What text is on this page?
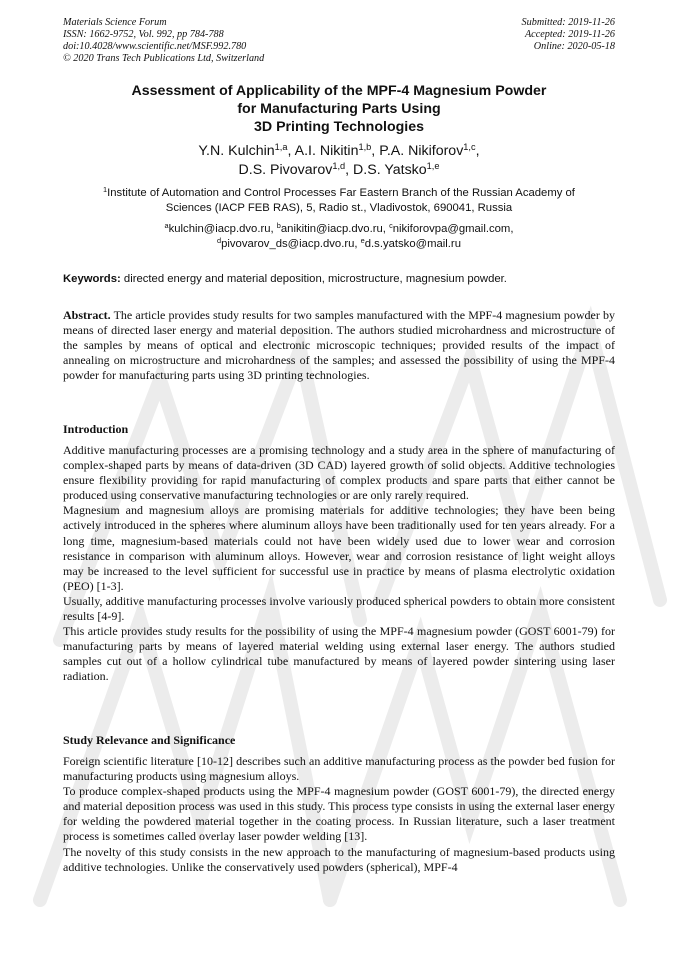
Materials Science Forum
ISSN: 1662-9752, Vol. 992, pp 784-788
doi:10.4028/www.scientific.net/MSF.992.780
© 2020 Trans Tech Publications Ltd, Switzerland
Submitted: 2019-11-26
Accepted: 2019-11-26
Online: 2020-05-18
Assessment of Applicability of the MPF-4 Magnesium Powder
for Manufacturing Parts Using
3D Printing Technologies
Y.N. Kulchin$^{1,a}$, A.I. Nikitin$^{1,b}$, P.A. Nikiforov$^{1,c}$,
D.S. Pivovarov$^{1,d}$, D.S. Yatsko$^{1,e}$
$^1$Institute of Automation and Control Processes Far Eastern Branch of the Russian Academy of
Sciences (IACP FEB RAS), 5, Radio st., Vladivostok, 690041, Russia
$^a$kulchin@iacp.dvo.ru, $^b$anikitin@iacp.dvo.ru, $^c$nikiforovpa@gmail.com,
$^d$pivovarov_ds@iacp.dvo.ru, $^e$d.s.yatsko@mail.ru
Keywords: directed energy and material deposition, microstructure, magnesium powder.

Abstract. The article provides study results for two samples manufactured with the MPF-4 magnesium powder by means of directed laser energy and material deposition. The authors studied microhardness and microstructure of the samples by means of optical and electronic microscopic techniques; provided results of the impact of annealing on microstructure and microhardness of the samples; and assessed the possibility of using the MPF-4 powder for manufacturing parts using 3D printing technologies.

Introduction

Additive manufacturing processes are a promising technology and a study area in the sphere of manufacturing of complex-shaped parts by means of data-driven (3D CAD) layered growth of solid objects. Additive technologies ensure flexibility providing for rapid manufacturing of complex products and spare parts that either cannot be produced using conservative manufacturing technologies or are only rarely required.

Magnesium and magnesium alloys are promising materials for additive technologies; they have been being actively introduced in the spheres where aluminum alloys have been traditionally used for ten years already. For a long time, magnesium-based materials could not have been widely used due to lower wear and corrosion resistance in comparison with aluminum alloys. However, wear and corrosion resistance of light weight alloys may be increased to the level sufficient for successful use in practice by means of plasma electrolytic oxidation (PEO) [1-3].

Usually, additive manufacturing processes involve variously produced spherical powders to obtain more consistent results [4-9].

This article provides study results for the possibility of using the MPF-4 magnesium powder (GOST 6001-79) for manufacturing parts by means of layered material welding using external laser energy. The authors studied samples cut out of a hollow cylindrical tube manufactured by means of layered powder sintering using laser radiation.

Study Relevance and Significance

Foreign scientific literature [10-12] describes such an additive manufacturing process as the powder bed fusion for manufacturing products using magnesium alloys.

To produce complex-shaped products using the MPF-4 magnesium powder (GOST 6001-79), the directed energy and material deposition process was used in this study. This process type consists in using the external laser energy for welding the powdered material together in the coating process. In Russian literature, such a laser treatment process is sometimes called overlay laser powder welding [13].

The novelty of this study consists in the new approach to the manufacturing of magnesium-based products using additive technologies. Unlike the conservatively used powders (spherical), MPF-4
